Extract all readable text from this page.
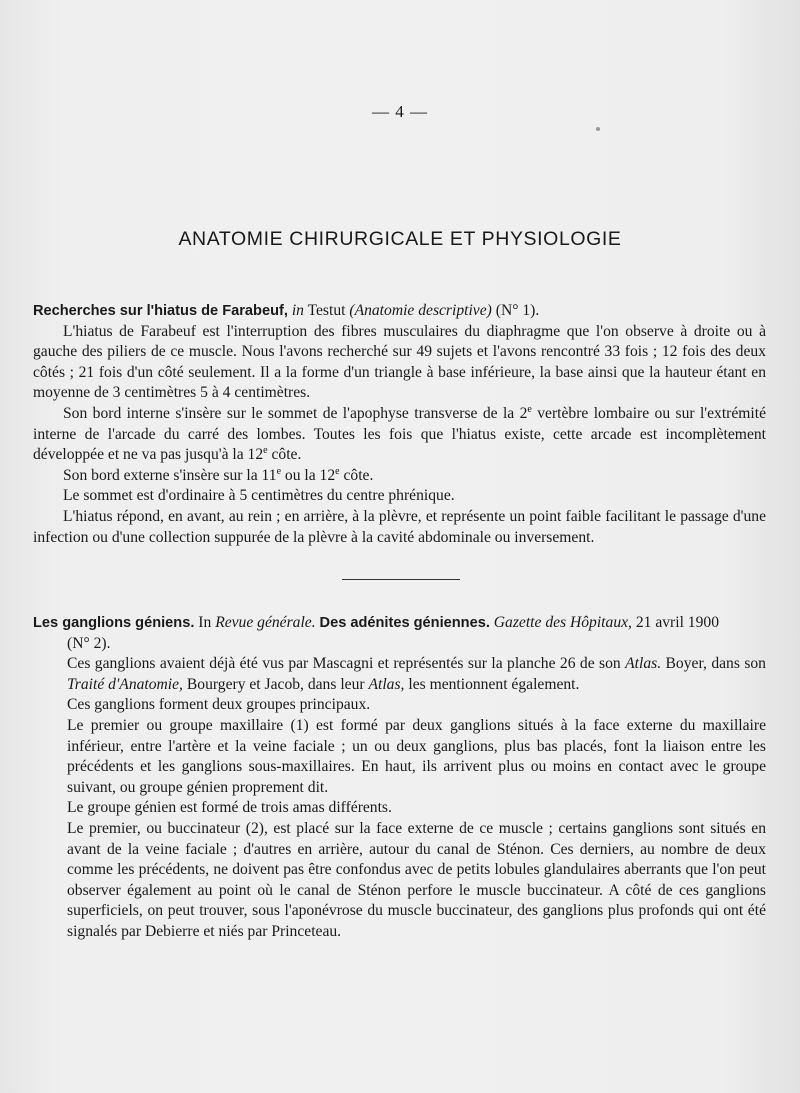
— 4 —
ANATOMIE CHIRURGICALE ET PHYSIOLOGIE

Recherches sur l'hiatus de Farabeuf, in Testut (Anatomie descriptive) (N° 1).

L'hiatus de Farabeuf est l'interruption des fibres musculaires du diaphragme que l'on observe à droite ou à gauche des piliers de ce muscle. Nous l'avons recherché sur 49 sujets et l'avons rencontré 33 fois ; 12 fois des deux côtés ; 21 fois d'un côté seulement. Il a la forme d'un triangle à base inférieure, la base ainsi que la hauteur étant en moyenne de 3 centimètres 5 à 4 centimètres.

Son bord interne s'insère sur le sommet de l'apophyse transverse de la 2e vertèbre lombaire ou sur l'extrémité interne de l'arcade du carré des lombes. Toutes les fois que l'hiatus existe, cette arcade est incomplètement développée et ne va pas jusqu'à la 12e côte.

Son bord externe s'insère sur la 11e ou la 12e côte.

Le sommet est d'ordinaire à 5 centimètres du centre phrénique.

L'hiatus répond, en avant, au rein ; en arrière, à la plèvre, et représente un point faible facilitant le passage d'une infection ou d'une collection suppurée de la plèvre à la cavité abdominale ou inversement.

Les ganglions géniens. In Revue générale. Des adénites géniennes. Gazette des Hôpitaux, 21 avril 1900

(N° 2).

Ces ganglions avaient déjà été vus par Mascagni et représentés sur la planche 26 de son Atlas. Boyer, dans son Traité d'Anatomie, Bourgery et Jacob, dans leur Atlas, les mentionnent également.

Ces ganglions forment deux groupes principaux.

Le premier ou groupe maxillaire (1) est formé par deux ganglions situés à la face externe du maxillaire inférieur, entre l'artère et la veine faciale ; un ou deux ganglions, plus bas placés, font la liaison entre les précédents et les ganglions sous-maxillaires. En haut, ils arrivent plus ou moins en contact avec le groupe suivant, ou groupe génien proprement dit.

Le groupe génien est formé de trois amas différents.

Le premier, ou buccinateur (2), est placé sur la face externe de ce muscle ; certains ganglions sont situés en avant de la veine faciale ; d'autres en arrière, autour du canal de Sténon. Ces derniers, au nombre de deux comme les précédents, ne doivent pas être confondus avec de petits lobules glandulaires aberrants que l'on peut observer également au point où le canal de Sténon perfore le muscle buccinateur. A côté de ces ganglions superficiels, on peut trouver, sous l'aponévrose du muscle buccinateur, des ganglions plus profonds qui ont été signalés par Debierre et niés par Princeteau.
